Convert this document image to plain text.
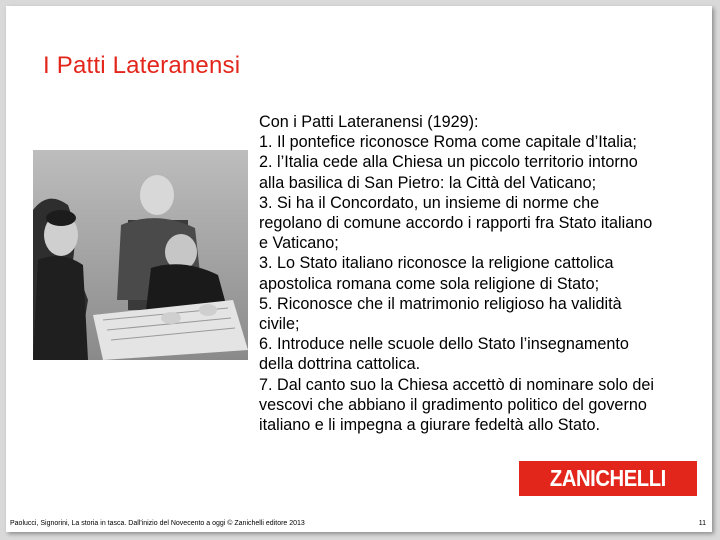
I Patti Lateranensi
Con i Patti Lateranensi (1929):
1. Il pontefice riconosce Roma come capitale d’Italia;
2. l’Italia cede alla Chiesa un piccolo territorio intorno
alla basilica di San Pietro: la Città del Vaticano;
3. Si ha il Concordato, un insieme di norme che
regolano di comune accordo i rapporti fra Stato italiano
e Vaticano;
3. Lo Stato italiano riconosce la religione cattolica
apostolica romana come sola religione di Stato;
5. Riconosce che il matrimonio religioso ha validità
civile;
6. Introduce nelle scuole dello Stato l’insegnamento
della dottrina cattolica.
7. Dal canto suo la Chiesa accettò di nominare solo dei
vescovi che abbiano il gradimento politico del governo
italiano e li impegna a giurare fedeltà allo Stato.
ZANICHELLI
Paolucci, Signorini, La storia in tasca. Dall'inizio del Novecento a oggi © Zanichelli editore 2013	11
